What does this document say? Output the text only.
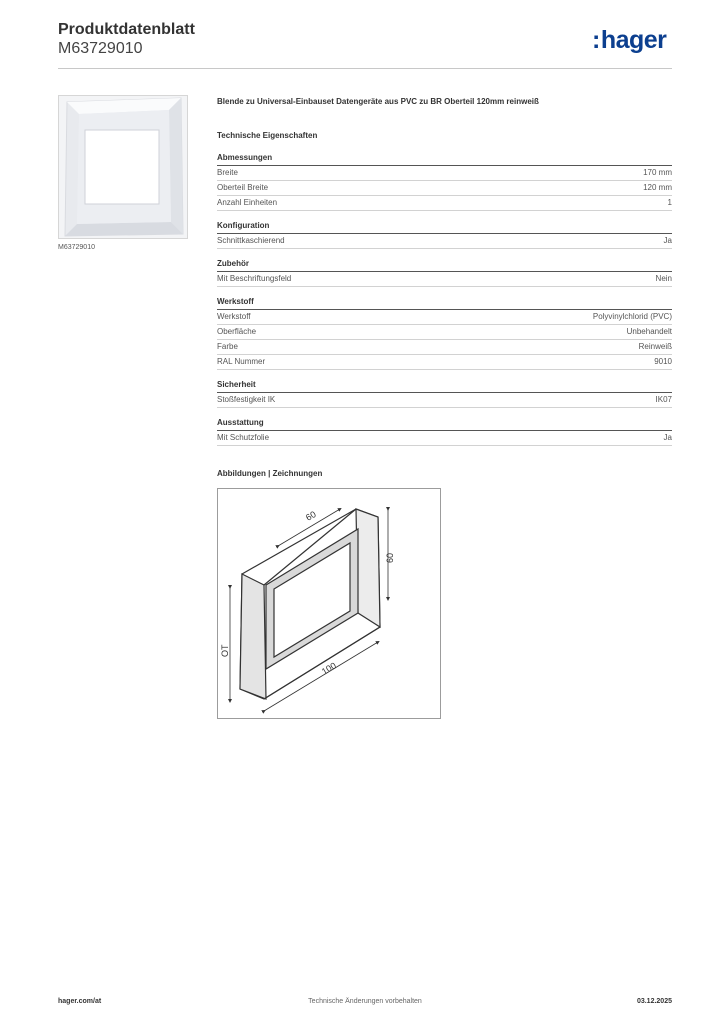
Produktdatenblatt
M63729010	:hager
M63729010
Blende zu Universal-Einbauset Datengeräte aus PVC zu BR Oberteil 120mm reinweiß
Technische Eigenschaften
Abmessungen
Breite	170 mm
Oberteil Breite	120 mm
Anzahl Einheiten	1
Konfiguration
Schnittkaschierend	Ja
Zubehör
Mit Beschriftungsfeld	Nein
Werkstoff
Werkstoff	Polyvinylchlorid (PVC)
Oberfläche	Unbehandelt
Farbe	Reinweiß
RAL Nummer	9010
Sicherheit
Stoßfestigkeit IK	IK07
Ausstattung
Mit Schutzfolie	Ja
Abbildungen | Zeichnungen
60
60
100
OT
hager.com/at	Technische Änderungen vorbehalten	03.12.2025
